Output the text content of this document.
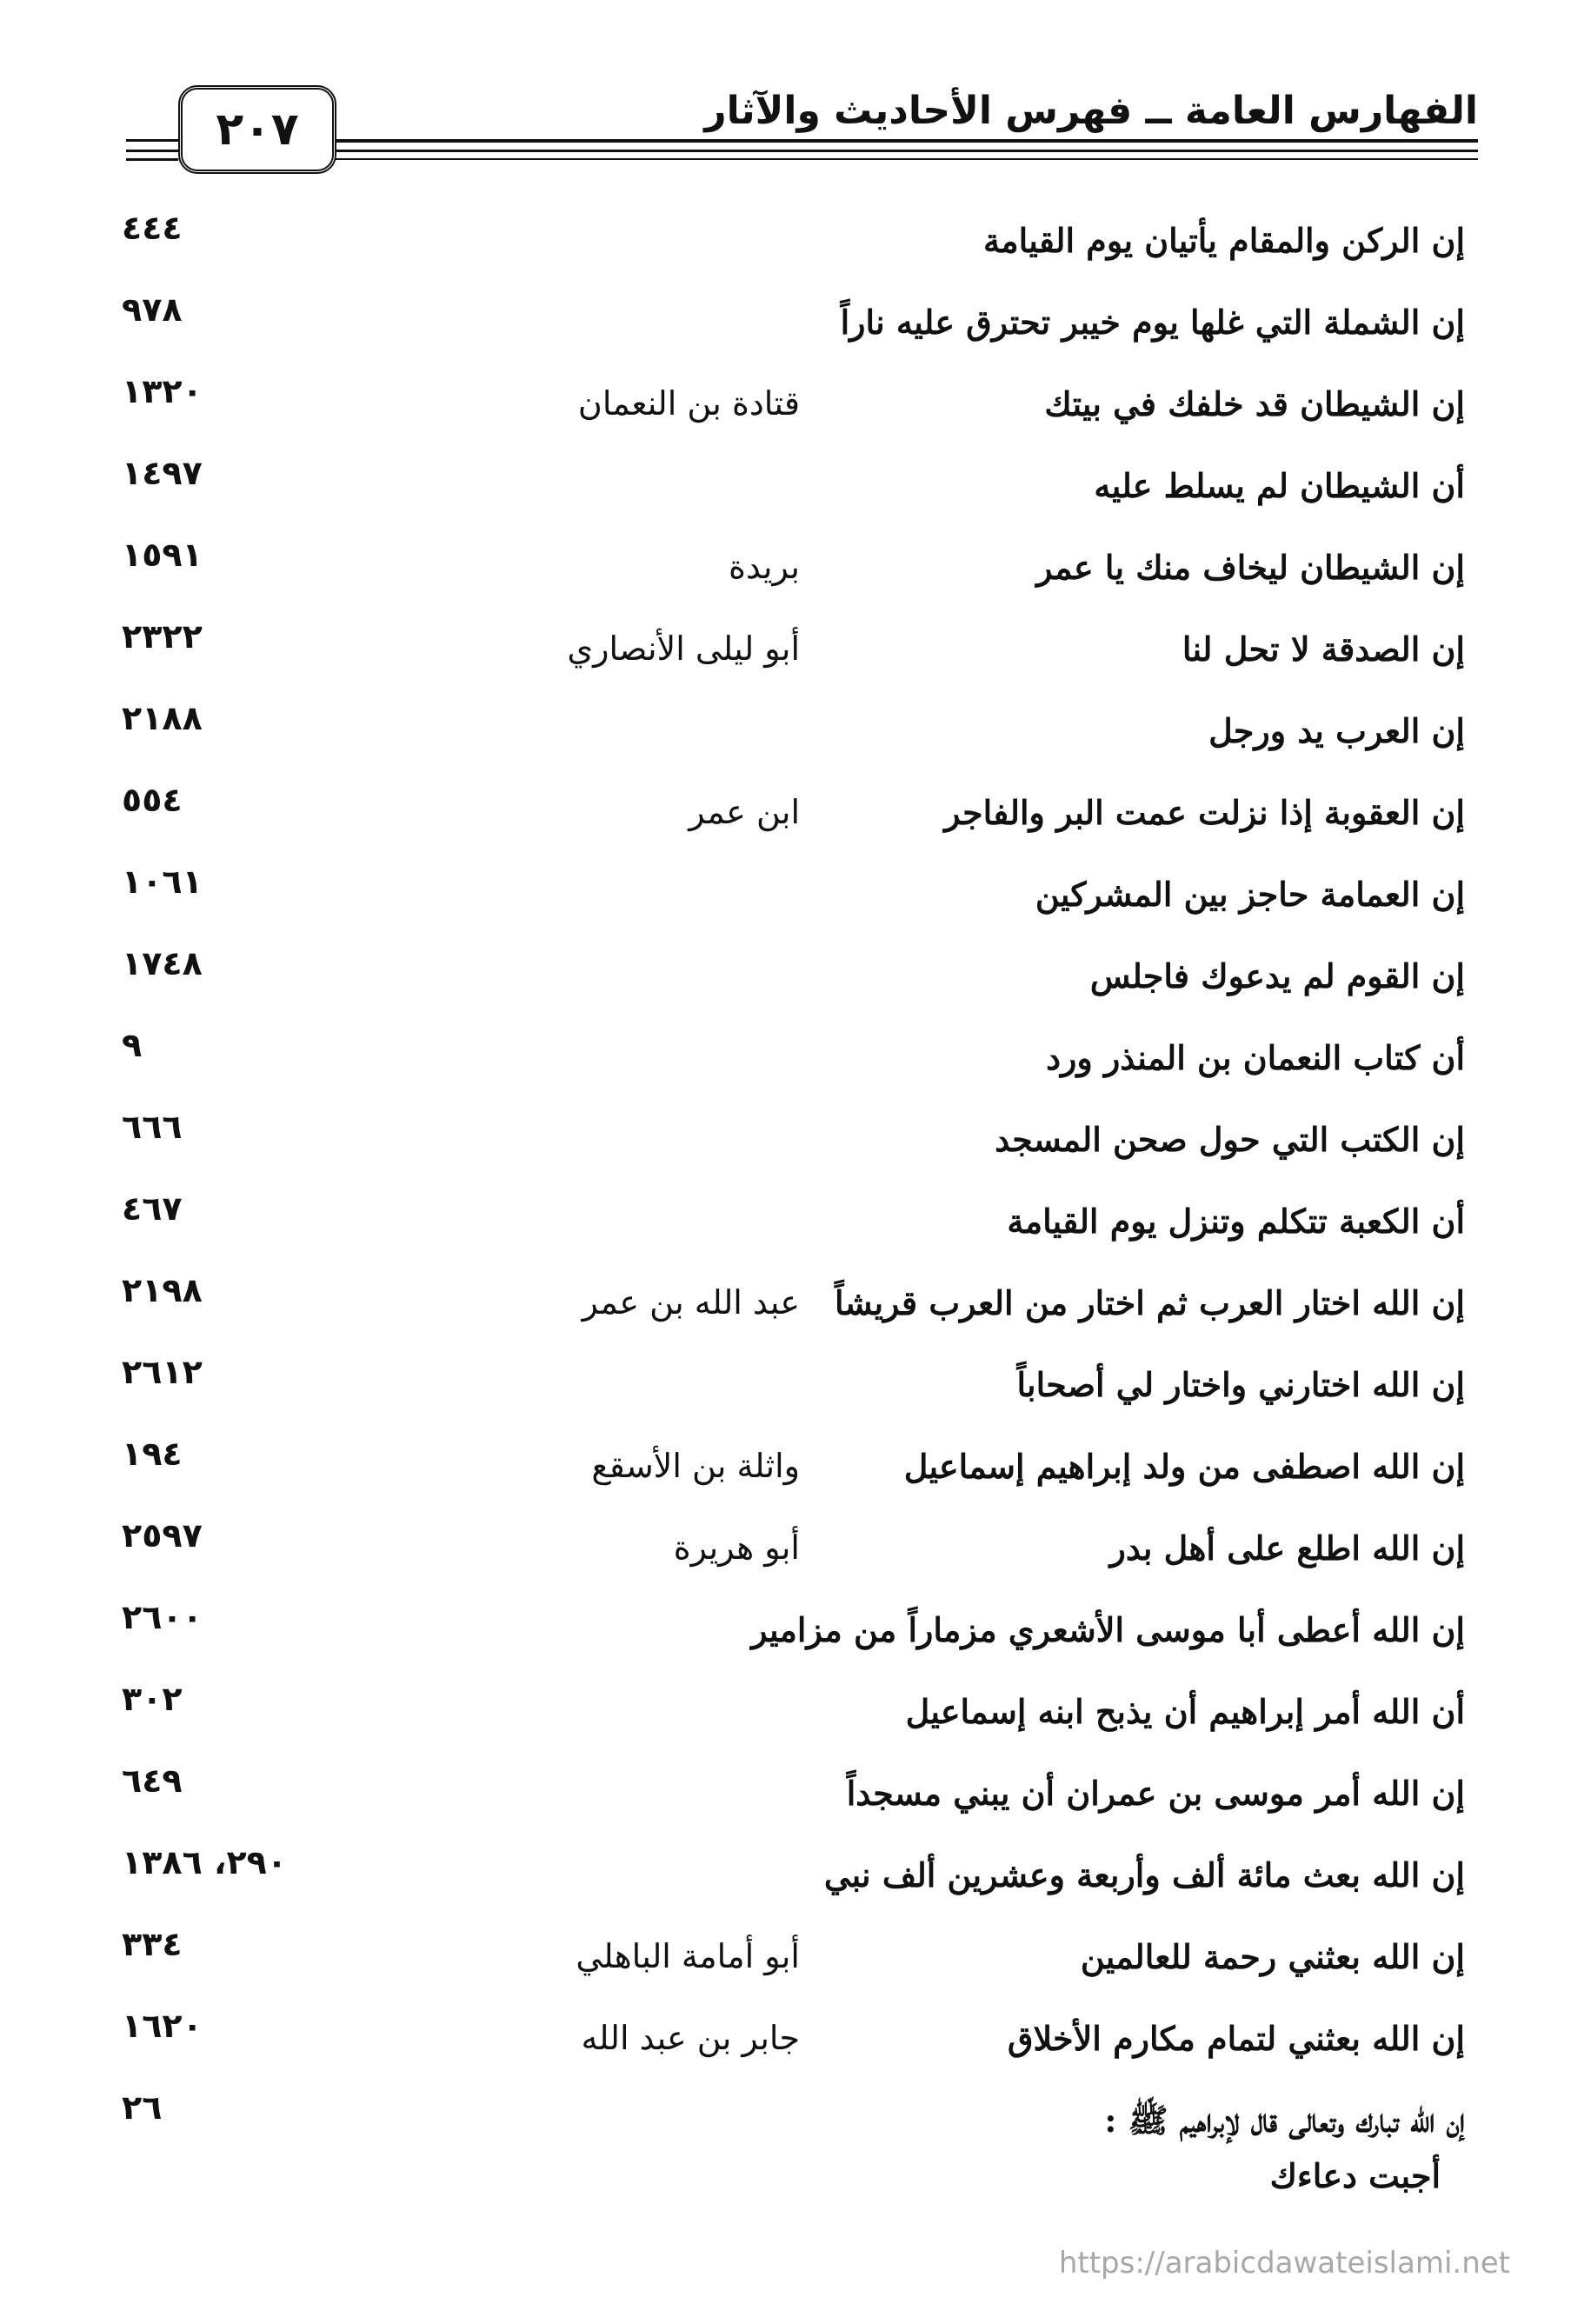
الفهارس العامة ــ فهرس الأحاديث والآثار
٢٠٧
إن الركن والمقام يأتيان يوم القيامة
٤٤٤
إن الشملة التي غلها يوم خيبر تحترق عليه ناراً
٩٧٨
إن الشيطان قد خلفك في بيتك
قتادة بن النعمان
١٣٢٠
أن الشيطان لم يسلط عليه
١٤٩٧
إن الشيطان ليخاف منك يا عمر
بريدة
١٥٩١
إن الصدقة لا تحل لنا
أبو ليلى الأنصاري
٢٣٢٢
إن العرب يد ورجل
٢١٨٨
إن العقوبة إذا نزلت عمت البر والفاجر
ابن عمر
٥٥٤
إن العمامة حاجز بين المشركين
١٠٦١
إن القوم لم يدعوك فاجلس
١٧٤٨
أن كتاب النعمان بن المنذر ورد
٩
إن الكتب التي حول صحن المسجد
٦٦٦
أن الكعبة تتكلم وتنزل يوم القيامة
٤٦٧
إن الله اختار العرب ثم اختار من العرب قريشاً
عبد الله بن عمر
٢١٩٨
إن الله اختارني واختار لي أصحاباً
٢٦١٢
إن الله اصطفى من ولد إبراهيم إسماعيل
واثلة بن الأسقع
١٩٤
إن الله اطلع على أهل بدر
أبو هريرة
٢٥٩٧
إن الله أعطى أبا موسى الأشعري مزماراً من مزامير
٢٦٠٠
أن الله أمر إبراهيم أن يذبح ابنه إسماعيل
٣٠٢
إن الله أمر موسى بن عمران أن يبني مسجداً
٦٤٩
إن الله بعث مائة ألف وأربعة وعشرين ألف نبي
٢٩٠، ١٣٨٦
إن الله بعثني رحمة للعالمين
أبو أمامة الباهلي
٣٣٤
إن الله بعثني لتمام مكارم الأخلاق
جابر بن عبد الله
١٦٢٠
إن الله تبارك وتعالى قال لإبراهيم ﷺ :
٢٦
أجبت دعاءك
https://arabicdawateislami.net
